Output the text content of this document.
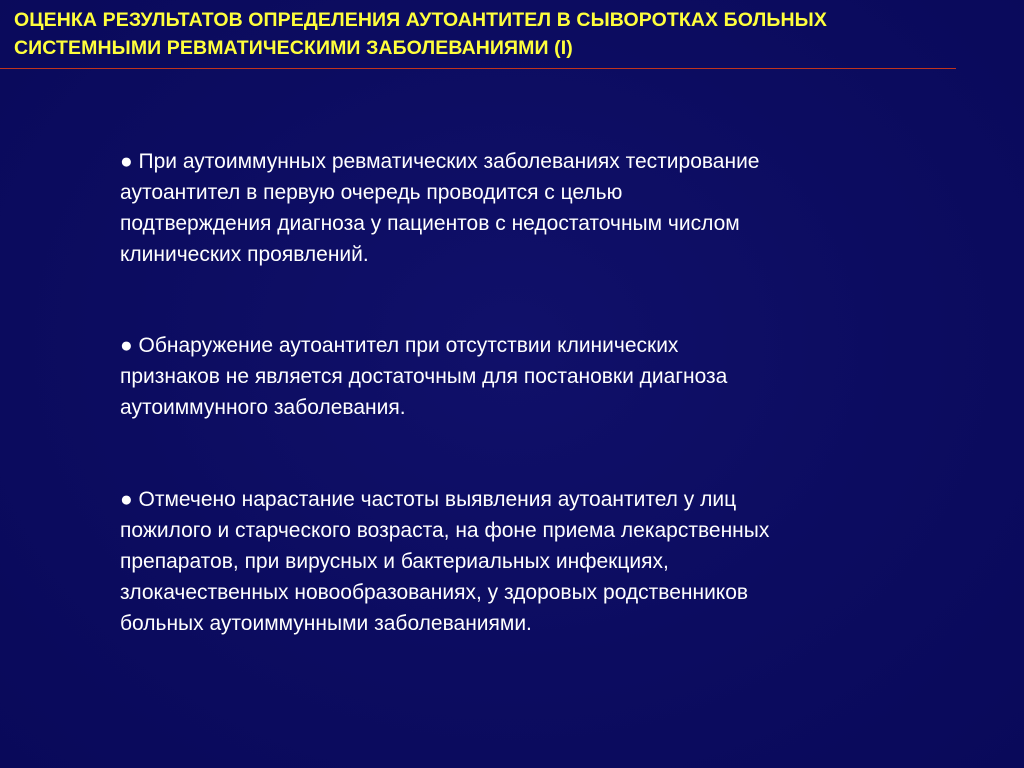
ОЦЕНКА РЕЗУЛЬТАТОВ ОПРЕДЕЛЕНИЯ АУТОАНТИТЕЛ В СЫВОРОТКАХ БОЛЬНЫХ
СИСТЕМНЫМИ РЕВМАТИЧЕСКИМИ ЗАБОЛЕВАНИЯМИ (I)
● При аутоиммунных ревматических заболеваниях тестирование
аутоантител в первую очередь проводится с целью
подтверждения диагноза у пациентов с недостаточным числом
клинических проявлений.
● Обнаружение аутоантител при отсутствии клинических
признаков не является достаточным для постановки диагноза
аутоиммунного заболевания.
● Отмечено нарастание частоты выявления аутоантител у лиц
пожилого и старческого возраста, на фоне приема лекарственных
препаратов, при вирусных и бактериальных инфекциях,
злокачественных новообразованиях, у здоровых родственников
больных аутоиммунными заболеваниями.
